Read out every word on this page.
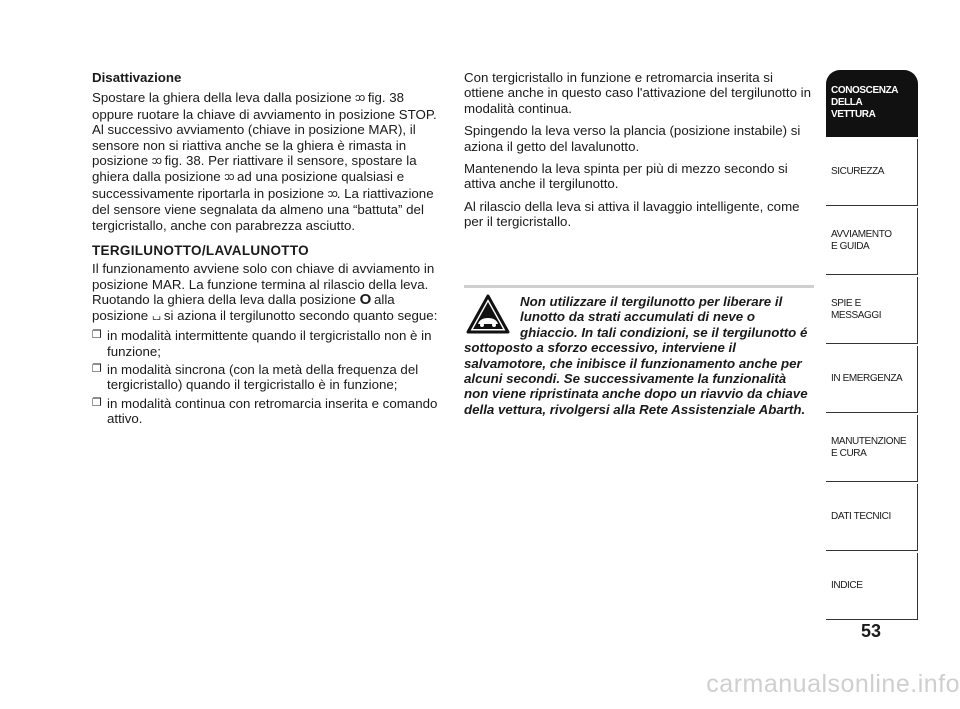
Disattivazione

Spostare la ghiera della leva dalla posizione ↄↄ fig. 38 oppure ruotare la chiave di avviamento in posizione STOP. Al successivo avviamento (chiave in posizione MAR), il sensore non si riattiva anche se la ghiera è rimasta in posizione ↄↄ fig. 38. Per riattivare il sensore, spostare la ghiera dalla posizione ↄↄ ad una posizione qualsiasi e successivamente riportarla in posizione ↄↄ. La riattivazione del sensore viene segnalata da almeno una “battuta” del tergicristallo, anche con parabrezza asciutto.

TERGILUNOTTO/LAVALUNOTTO

Il funzionamento avviene solo con chiave di avviamento in posizione MAR. La funzione termina al rilascio della leva. Ruotando la ghiera della leva dalla posizione O alla posizione ⌞⌟ si aziona il tergilunotto secondo quanto segue:

❐ in modalità intermittente quando il tergicristallo non è in funzione;
❐ in modalità sincrona (con la metà della frequenza del tergicristallo) quando il tergicristallo è in funzione;
❐ in modalità continua con retromarcia inserita e comando attivo.

Con tergicristallo in funzione e retromarcia inserita si ottiene anche in questo caso l'attivazione del tergilunotto in modalità continua.

Spingendo la leva verso la plancia (posizione instabile) si aziona il getto del lavalunotto.

Mantenendo la leva spinta per più di mezzo secondo si attiva anche il tergilunotto.

Al rilascio della leva si attiva il lavaggio intelligente, come per il tergicristallo.

Non utilizzare il tergilunotto per liberare il lunotto da strati accumulati di neve o ghiaccio. In tali condizioni, se il tergilunotto é sottoposto a sforzo eccessivo, interviene il salvamotore, che inibisce il funzionamento anche per alcuni secondi. Se successivamente la funzionalità non viene ripristinata anche dopo un riavvio da chiave della vettura, rivolgersi alla Rete Assistenziale Abarth.
CONOSCENZA
DELLA
VETTURA
SICUREZZA
AVVIAMENTO
E GUIDA
SPIE E
MESSAGGI
IN EMERGENZA
MANUTENZIONE
E CURA
DATI TECNICI
INDICE
53
carmanualsonline.info
